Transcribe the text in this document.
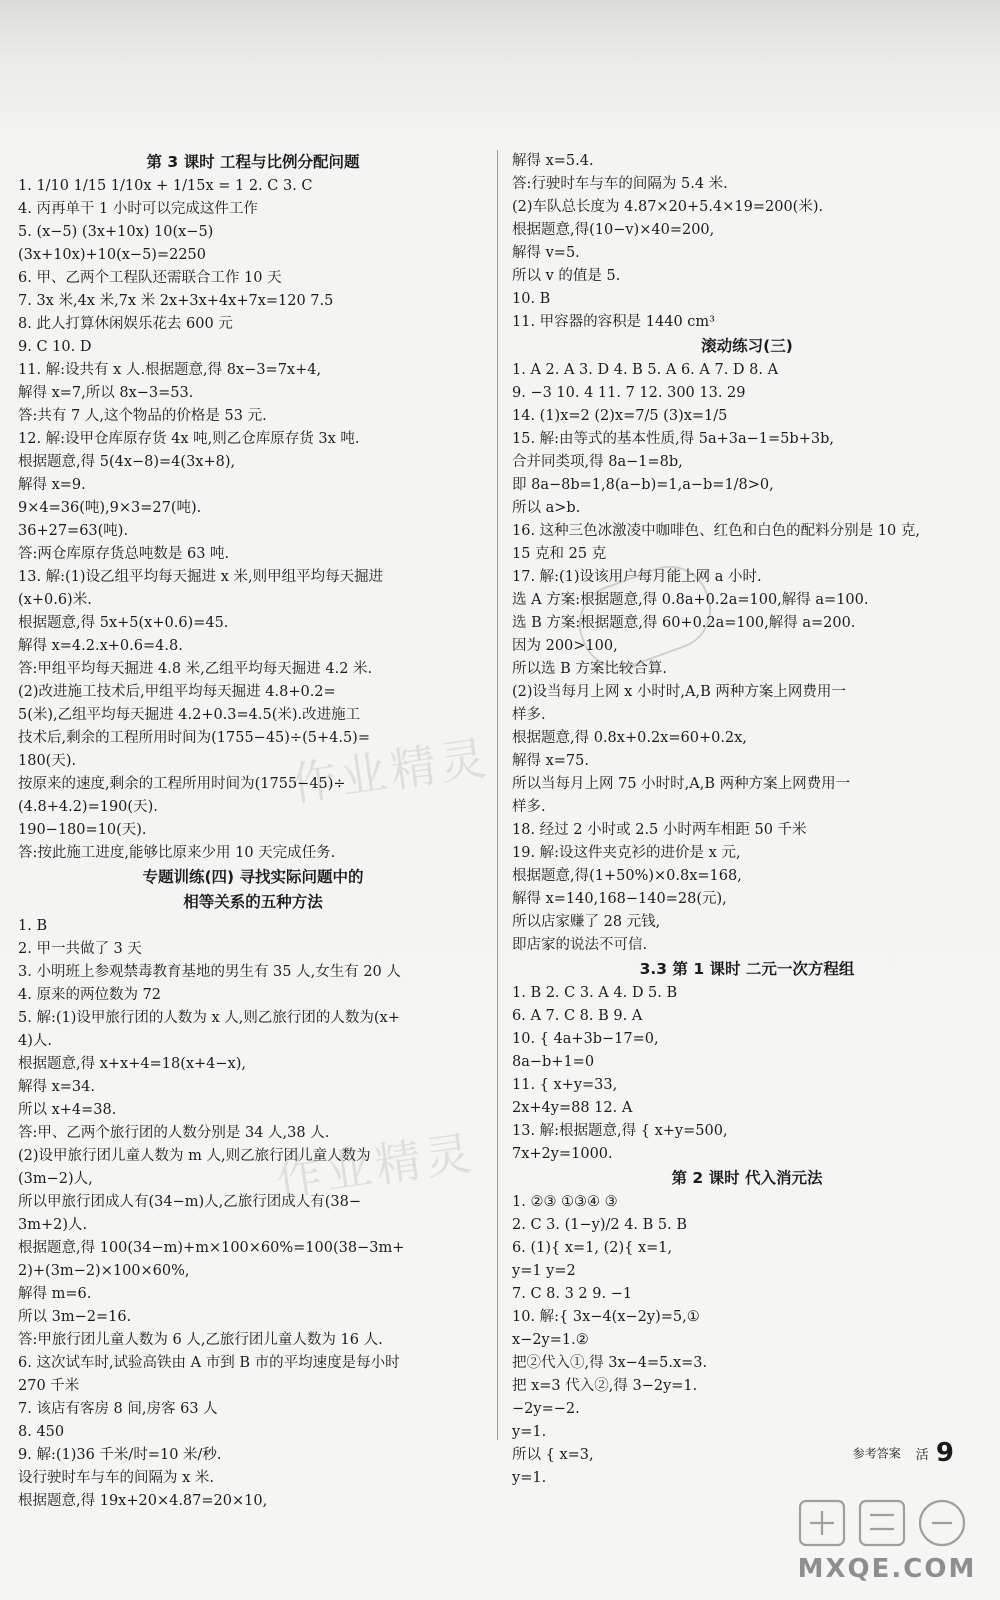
作业精灵
作业精灵
第 3 课时 工程与比例分配问题
1. 1/10 1/15 1/10x + 1/15x = 1 2. C 3. C
4. 丙再单干 1 小时可以完成这件工作
5. (x−5) (3x+10x) 10(x−5)
(3x+10x)+10(x−5)=2250
6. 甲、乙两个工程队还需联合工作 10 天
7. 3x 米,4x 米,7x 米 2x+3x+4x+7x=120 7.5
8. 此人打算休闲娱乐花去 600 元
9. C 10. D
11. 解:设共有 x 人.根据题意,得 8x−3=7x+4,
解得 x=7,所以 8x−3=53.
答:共有 7 人,这个物品的价格是 53 元.
12. 解:设甲仓库原存货 4x 吨,则乙仓库原存货 3x 吨.
根据题意,得 5(4x−8)=4(3x+8),
解得 x=9.
9×4=36(吨),9×3=27(吨).
36+27=63(吨).
答:两仓库原存货总吨数是 63 吨.
13. 解:(1)设乙组平均每天掘进 x 米,则甲组平均每天掘进
(x+0.6)米.
根据题意,得 5x+5(x+0.6)=45.
解得 x=4.2.x+0.6=4.8.
答:甲组平均每天掘进 4.8 米,乙组平均每天掘进 4.2 米.
(2)改进施工技术后,甲组平均每天掘进 4.8+0.2=
5(米),乙组平均每天掘进 4.2+0.3=4.5(米).改进施工
技术后,剩余的工程所用时间为(1755−45)÷(5+4.5)=
180(天).
按原来的速度,剩余的工程所用时间为(1755−45)÷
(4.8+4.2)=190(天).
190−180=10(天).
答:按此施工进度,能够比原来少用 10 天完成任务.
专题训练(四) 寻找实际问题中的
相等关系的五种方法
1. B
2. 甲一共做了 3 天
3. 小明班上参观禁毒教育基地的男生有 35 人,女生有 20 人
4. 原来的两位数为 72
5. 解:(1)设甲旅行团的人数为 x 人,则乙旅行团的人数为(x+
4)人.
根据题意,得 x+x+4=18(x+4−x),
解得 x=34.
所以 x+4=38.
答:甲、乙两个旅行团的人数分别是 34 人,38 人.
(2)设甲旅行团儿童人数为 m 人,则乙旅行团儿童人数为
(3m−2)人,
所以甲旅行团成人有(34−m)人,乙旅行团成人有(38−
3m+2)人.
根据题意,得 100(34−m)+m×100×60%=100(38−3m+
2)+(3m−2)×100×60%,
解得 m=6.
所以 3m−2=16.
答:甲旅行团儿童人数为 6 人,乙旅行团儿童人数为 16 人.
6. 这次试车时,试验高铁由 A 市到 B 市的平均速度是每小时
270 千米
7. 该店有客房 8 间,房客 63 人
8. 450
9. 解:(1)36 千米/时=10 米/秒.
设行驶时车与车的间隔为 x 米.
根据题意,得 19x+20×4.87=20×10,
解得 x=5.4.
答:行驶时车与车的间隔为 5.4 米.
(2)车队总长度为 4.87×20+5.4×19=200(米).
根据题意,得(10−v)×40=200,
解得 v=5.
所以 v 的值是 5.
10. B
11. 甲容器的容积是 1440 cm³
滚动练习(三)
1. A 2. A 3. D 4. B 5. A 6. A 7. D 8. A
9. −3 10. 4 11. 7 12. 300 13. 29
14. (1)x=2 (2)x=7/5 (3)x=1/5
15. 解:由等式的基本性质,得 5a+3a−1=5b+3b,
合并同类项,得 8a−1=8b,
即 8a−8b=1,8(a−b)=1,a−b=1/8>0,
所以 a>b.
16. 这种三色冰激凌中咖啡色、红色和白色的配料分别是 10 克,
15 克和 25 克
17. 解:(1)设该用户每月能上网 a 小时.
选 A 方案:根据题意,得 0.8a+0.2a=100,解得 a=100.
选 B 方案:根据题意,得 60+0.2a=100,解得 a=200.
因为 200>100,
所以选 B 方案比较合算.
(2)设当每月上网 x 小时时,A,B 两种方案上网费用一
样多.
根据题意,得 0.8x+0.2x=60+0.2x,
解得 x=75.
所以当每月上网 75 小时时,A,B 两种方案上网费用一
样多.
18. 经过 2 小时或 2.5 小时两车相距 50 千米
19. 解:设这件夹克衫的进价是 x 元,
根据题意,得(1+50%)×0.8x=168,
解得 x=140,168−140=28(元),
所以店家赚了 28 元钱,
即店家的说法不可信.
3.3 第 1 课时 二元一次方程组
1. B 2. C 3. A 4. D 5. B
6. A 7. C 8. B 9. A
10. { 4a+3b−17=0,
8a−b+1=0
11. { x+y=33,
2x+4y=88 12. A
13. 解:根据题意,得 { x+y=500,
7x+2y=1000.
第 2 课时 代入消元法
1. ②③ ①③④ ③
2. C 3. (1−y)/2 4. B 5. B
6. (1){ x=1, (2){ x=1,
y=1 y=2
7. C 8. 3 2 9. −1
10. 解:{ 3x−4(x−2y)=5,①
x−2y=1.②
把②代入①,得 3x−4=5.x=3.
把 x=3 代入②,得 3−2y=1.
−2y=−2.
y=1.
所以 { x=3,
y=1.
参考答案 活 9
MXQE.COM
